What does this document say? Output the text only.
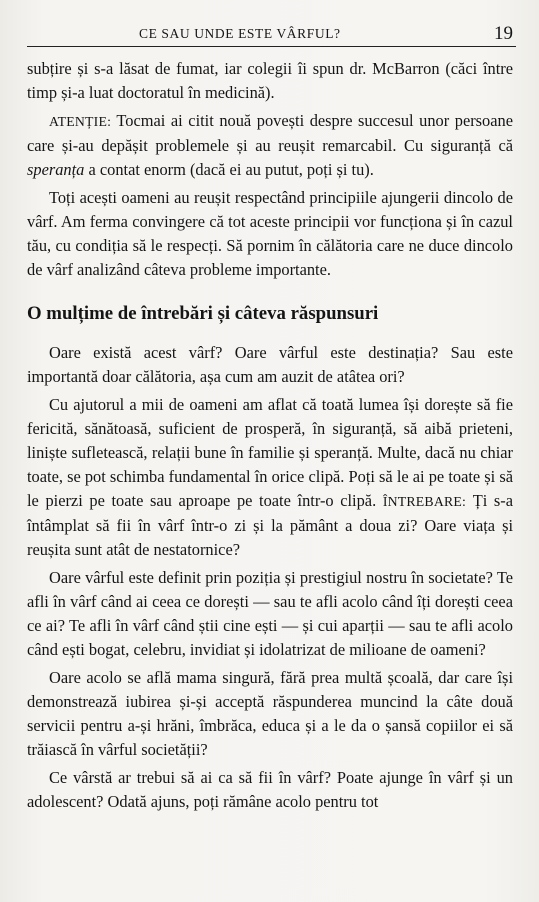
CE SAU UNDE ESTE VÂRFUL?	19

subțire și s-a lăsat de fumat, iar colegii îi spun dr. McBarron (căci între timp și-a luat doctoratul în medicină).

ATENȚIE: Tocmai ai citit nouă povești despre succesul unor persoane care și-au depășit problemele și au reușit remarcabil. Cu siguranță că speranța a contat enorm (dacă ei au putut, poți și tu).

Toți acești oameni au reușit respectând principiile ajungerii dincolo de vârf. Am ferma convingere că tot aceste principii vor funcționa și în cazul tău, cu condiția să le respecți. Să pornim în călătoria care ne duce dincolo de vârf analizând câteva probleme importante.

O mulțime de întrebări și câteva răspunsuri

Oare există acest vârf? Oare vârful este destinația? Sau este importantă doar călătoria, așa cum am auzit de atâtea ori?

Cu ajutorul a mii de oameni am aflat că toată lumea își dorește să fie fericită, sănătoasă, suficient de prosperă, în siguranță, să aibă prieteni, liniște sufletească, relații bune în familie și speranță. Multe, dacă nu chiar toate, se pot schimba fundamental în orice clipă. Poți să le ai pe toate și să le pierzi pe toate sau aproape pe toate într-o clipă. ÎNTREBARE: Ți s-a întâmplat să fii în vârf într-o zi și la pământ a doua zi? Oare viața și reușita sunt atât de nestatornice?

Oare vârful este definit prin poziția și prestigiul nostru în societate? Te afli în vârf când ai ceea ce dorești — sau te afli acolo când îți dorești ceea ce ai? Te afli în vârf când știi cine ești — și cui aparții — sau te afli acolo când ești bogat, celebru, invidiat și idolatrizat de milioane de oameni?

Oare acolo se află mama singură, fără prea multă școală, dar care își demonstrează iubirea și-și acceptă răspunderea muncind la câte două servicii pentru a-și hrăni, îmbrăca, educa și a le da o șansă copiilor ei să trăiască în vârful societății?

Ce vârstă ar trebui să ai ca să fii în vârf? Poate ajunge în vârf și un adolescent? Odată ajuns, poți rămâne acolo pentru tot
